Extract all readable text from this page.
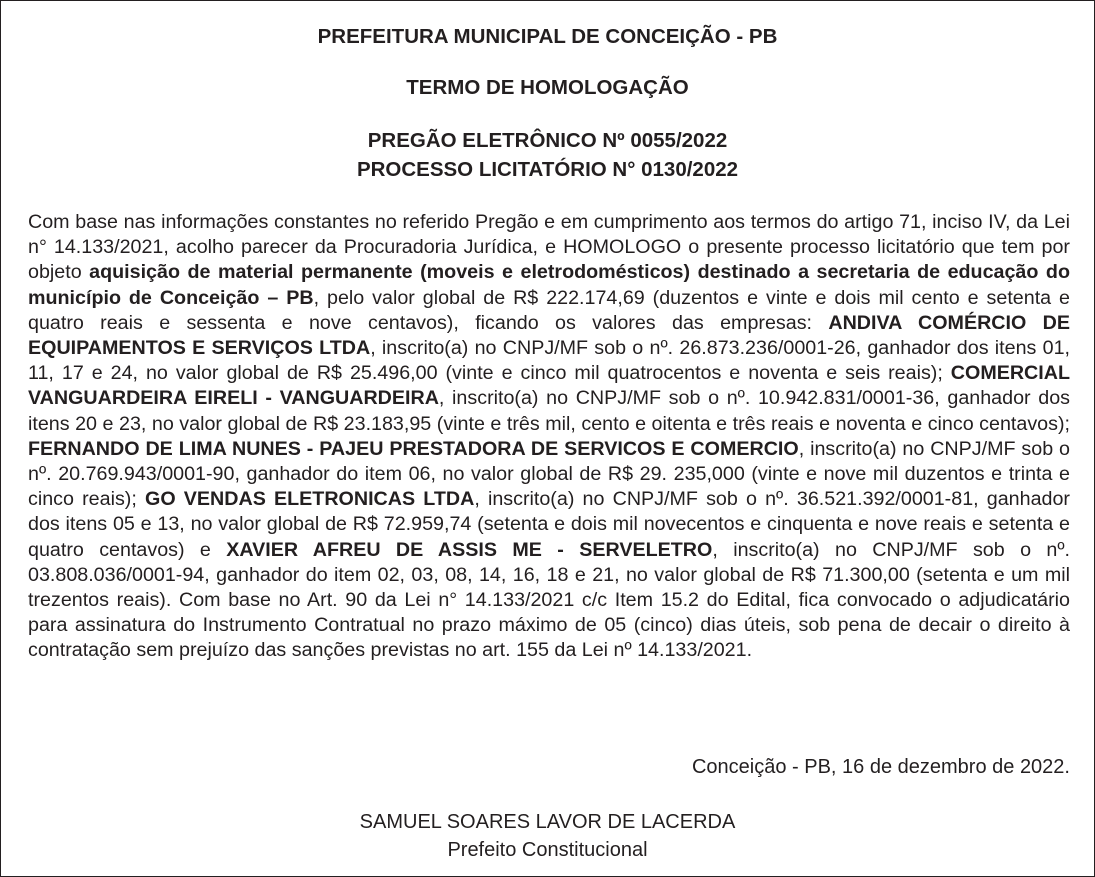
PREFEITURA MUNICIPAL DE CONCEIÇÃO - PB

TERMO DE HOMOLOGAÇÃO

PREGÃO ELETRÔNICO Nº 0055/2022

PROCESSO LICITATÓRIO N° 0130/2022

Com base nas informações constantes no referido Pregão e em cumprimento aos termos do artigo 71, inciso IV, da Lei n° 14.133/2021, acolho parecer da Procuradoria Jurídica, e HOMOLOGO o presente processo licitatório que tem por objeto aquisição de material permanente (moveis e eletrodomésticos) destinado a secretaria de educação do município de Conceição – PB, pelo valor global de R$ 222.174,69 (duzentos e vinte e dois mil cento e setenta e quatro reais e sessenta e nove centavos), ficando os valores das empresas: ANDIVA COMÉRCIO DE EQUIPAMENTOS E SERVIÇOS LTDA, inscrito(a) no CNPJ/MF sob o nº. 26.873.236/0001-26, ganhador dos itens 01, 11, 17 e 24, no valor global de R$ 25.496,00 (vinte e cinco mil quatrocentos e noventa e seis reais); COMERCIAL VANGUARDEIRA EIRELI - VANGUARDEIRA, inscrito(a) no CNPJ/MF sob o nº. 10.942.831/0001-36, ganhador dos itens 20 e 23, no valor global de R$ 23.183,95 (vinte e três mil, cento e oitenta e três reais e noventa e cinco centavos); FERNANDO DE LIMA NUNES - PAJEU PRESTADORA DE SERVICOS E COMERCIO, inscrito(a) no CNPJ/MF sob o nº. 20.769.943/0001-90, ganhador do item 06, no valor global de R$ 29. 235,000 (vinte e nove mil duzentos e trinta e cinco reais); GO VENDAS ELETRONICAS LTDA, inscrito(a) no CNPJ/MF sob o nº. 36.521.392/0001-81, ganhador dos itens 05 e 13, no valor global de R$ 72.959,74 (setenta e dois mil novecentos e cinquenta e nove reais e setenta e quatro centavos) e XAVIER AFREU DE ASSIS ME - SERVELETRO, inscrito(a) no CNPJ/MF sob o nº. 03.808.036/0001-94, ganhador do item 02, 03, 08, 14, 16, 18 e 21, no valor global de R$ 71.300,00 (setenta e um mil trezentos reais). Com base no Art. 90 da Lei n° 14.133/2021 c/c Item 15.2 do Edital, fica convocado o adjudicatário para assinatura do Instrumento Contratual no prazo máximo de 05 (cinco) dias úteis, sob pena de decair o direito à contratação sem prejuízo das sanções previstas no art. 155 da Lei nº 14.133/2021.

Conceição - PB, 16 de dezembro de 2022.

SAMUEL SOARES LAVOR DE LACERDA

Prefeito Constitucional
